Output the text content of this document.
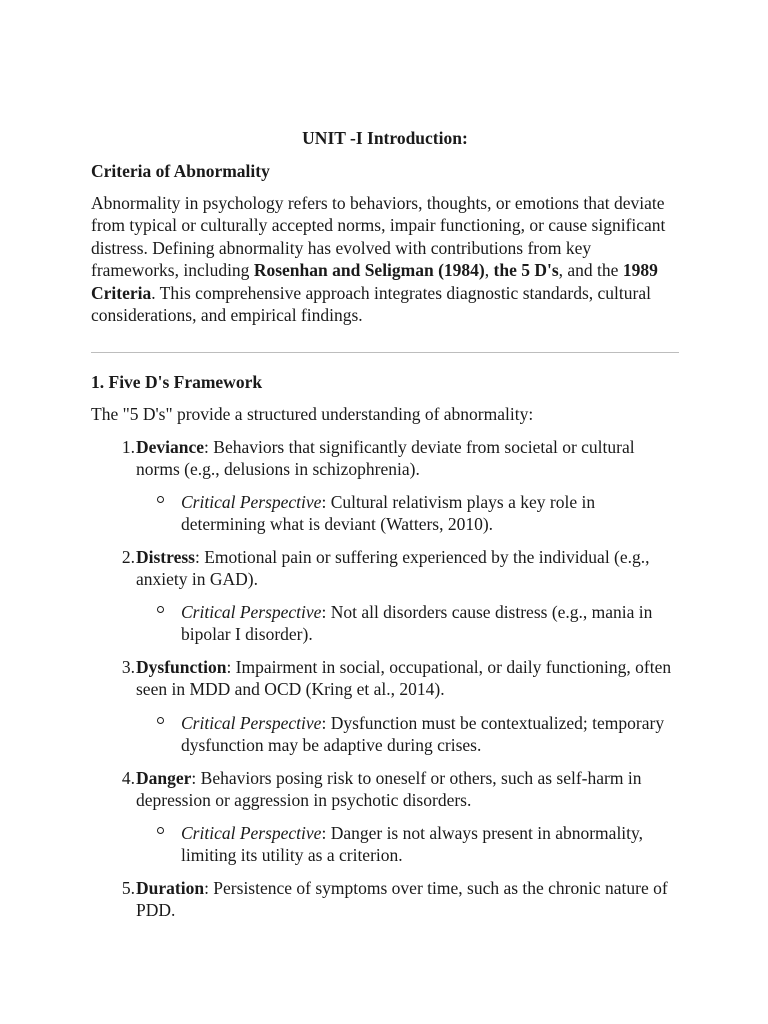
UNIT -I Introduction:
Criteria of Abnormality

Abnormality in psychology refers to behaviors, thoughts, or emotions that deviate from typical or culturally accepted norms, impair functioning, or cause significant distress. Defining abnormality has evolved with contributions from key frameworks, including Rosenhan and Seligman (1984), the 5 D's, and the 1989 Criteria. This comprehensive approach integrates diagnostic standards, cultural considerations, and empirical findings.

1. Five D's Framework

The "5 D's" provide a structured understanding of abnormality:

1. Deviance: Behaviors that significantly deviate from societal or cultural norms (e.g., delusions in schizophrenia).
Critical Perspective: Cultural relativism plays a key role in determining what is deviant (Watters, 2010).
2. Distress: Emotional pain or suffering experienced by the individual (e.g., anxiety in GAD).
Critical Perspective: Not all disorders cause distress (e.g., mania in bipolar I disorder).
3. Dysfunction: Impairment in social, occupational, or daily functioning, often seen in MDD and OCD (Kring et al., 2014).
Critical Perspective: Dysfunction must be contextualized; temporary dysfunction may be adaptive during crises.
4. Danger: Behaviors posing risk to oneself or others, such as self-harm in depression or aggression in psychotic disorders.
Critical Perspective: Danger is not always present in abnormality, limiting its utility as a criterion.
5. Duration: Persistence of symptoms over time, such as the chronic nature of PDD.
